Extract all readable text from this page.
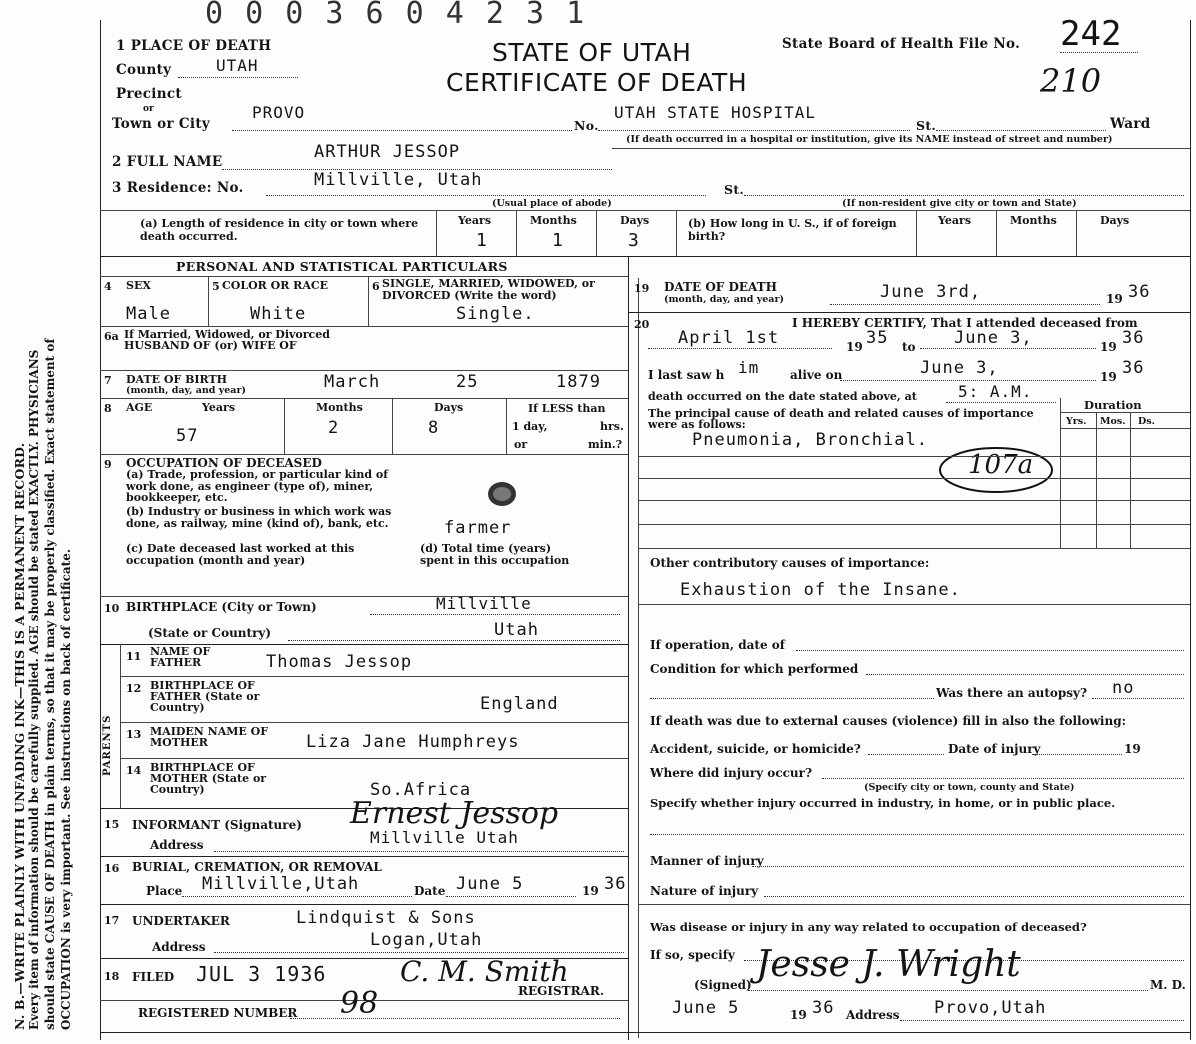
0 0 0 3 6 0 4 2 3 1
N. B.—WRITE PLAINLY WITH UNFADING INK—THIS IS A PERMANENT RECORD. Every item of information should be carefully supplied. AGE should be stated EXACTLY. PHYSICIANS should state CAUSE OF DEATH in plain terms, so that it may be properly classified. Exact statement of OCCUPATION is very important. See instructions on back of certificate.
1 PLACE OF DEATH	STATE OF UTAH
CERTIFICATE OF DEATH
State Board of Health File No. 242
210
County	UTAH
Precinct
or
Town or City
PROVO
No.
UTAH STATE HOSPITAL
St.	Ward
(If death occurred in a hospital or institution, give its NAME instead of street and number)
2 FULL NAME	ARTHUR JESSOP
3 Residence: No.	Millville, Utah	St.
(Usual place of abode)	(If non-resident give city or town and State)
(a) Length of residence in city or town where death occurred.
Years	Months	Days
1	1	3
(b) How long in U. S., if of foreign birth?
Years	Months	Days
PERSONAL AND STATISTICAL PARTICULARS
4 SEX	5 COLOR OR RACE	6 SINGLE, MARRIED, WIDOWED, or DIVORCED (Write the word)
Male	White	Single.
6a If Married, Widowed, or Divorced HUSBAND OF (or) WIFE OF
7 DATE OF BIRTH
(month, day, and year)	March	25	1879
8 AGE	Years	Months	Days	If LESS than
1 day,	hrs.
or	min.?
57	2	8
9 OCCUPATION OF DECEASED
(a) Trade, profession, or particular kind of work done, as engineer (type of), miner, bookkeeper, etc.
(b) Industry or business in which work was done, as railway, mine (kind of), bank, etc.
(c) Date deceased last worked at this occupation (month and year)
(d) Total time (years) spent in this occupation
farmer
10 BIRTHPLACE (City or Town)	Millville
(State or Country)	Utah
PARENTS
11 NAME OF FATHER	Thomas Jessop
12 BIRTHPLACE OF FATHER (State or Country)	England
13 MAIDEN NAME OF MOTHER	Liza Jane Humphreys
14 BIRTHPLACE OF MOTHER (State or Country)	So.Africa
15 INFORMANT (Signature)
Address
Ernest Jessop
Millville Utah
16 BURIAL, CREMATION, OR REMOVAL
Place Millville,Utah	Date June 5	19 36
17 UNDERTAKER	Lindquist & Sons
Address	Logan,Utah
18 FILED JUL 3 1936	C. M. Smith
REGISTRAR.
REGISTERED NUMBER 98
19 DATE OF DEATH
(month, day, and year)	June 3rd,	19 36
20	I HEREBY CERTIFY, That I attended deceased from
April 1st	19 35 to June 3,	19 36
I last saw h im	alive on	June 3,	19 36
death occurred on the date stated above, at	5: A.M.
The principal cause of death and related causes of importance were as follows:
Pneumonia, Bronchial.
107a
Duration
Yrs. Mos. Ds.
Other contributory causes of importance:
Exhaustion of the Insane.
If operation, date of
Condition for which performed
Was there an autopsy? no
If death was due to external causes (violence) fill in also the following:
Accident, suicide, or homicide?	Date of injury	19
Where did injury occur?
(Specify city or town, county and State)
Specify whether injury occurred in industry, in home, or in public place.
Manner of injury
Nature of injury
Was disease or injury in any way related to occupation of deceased?
If so, specify
(Signed) Jesse J. Wright	M. D.
June 5	19 36 Address Provo,Utah
